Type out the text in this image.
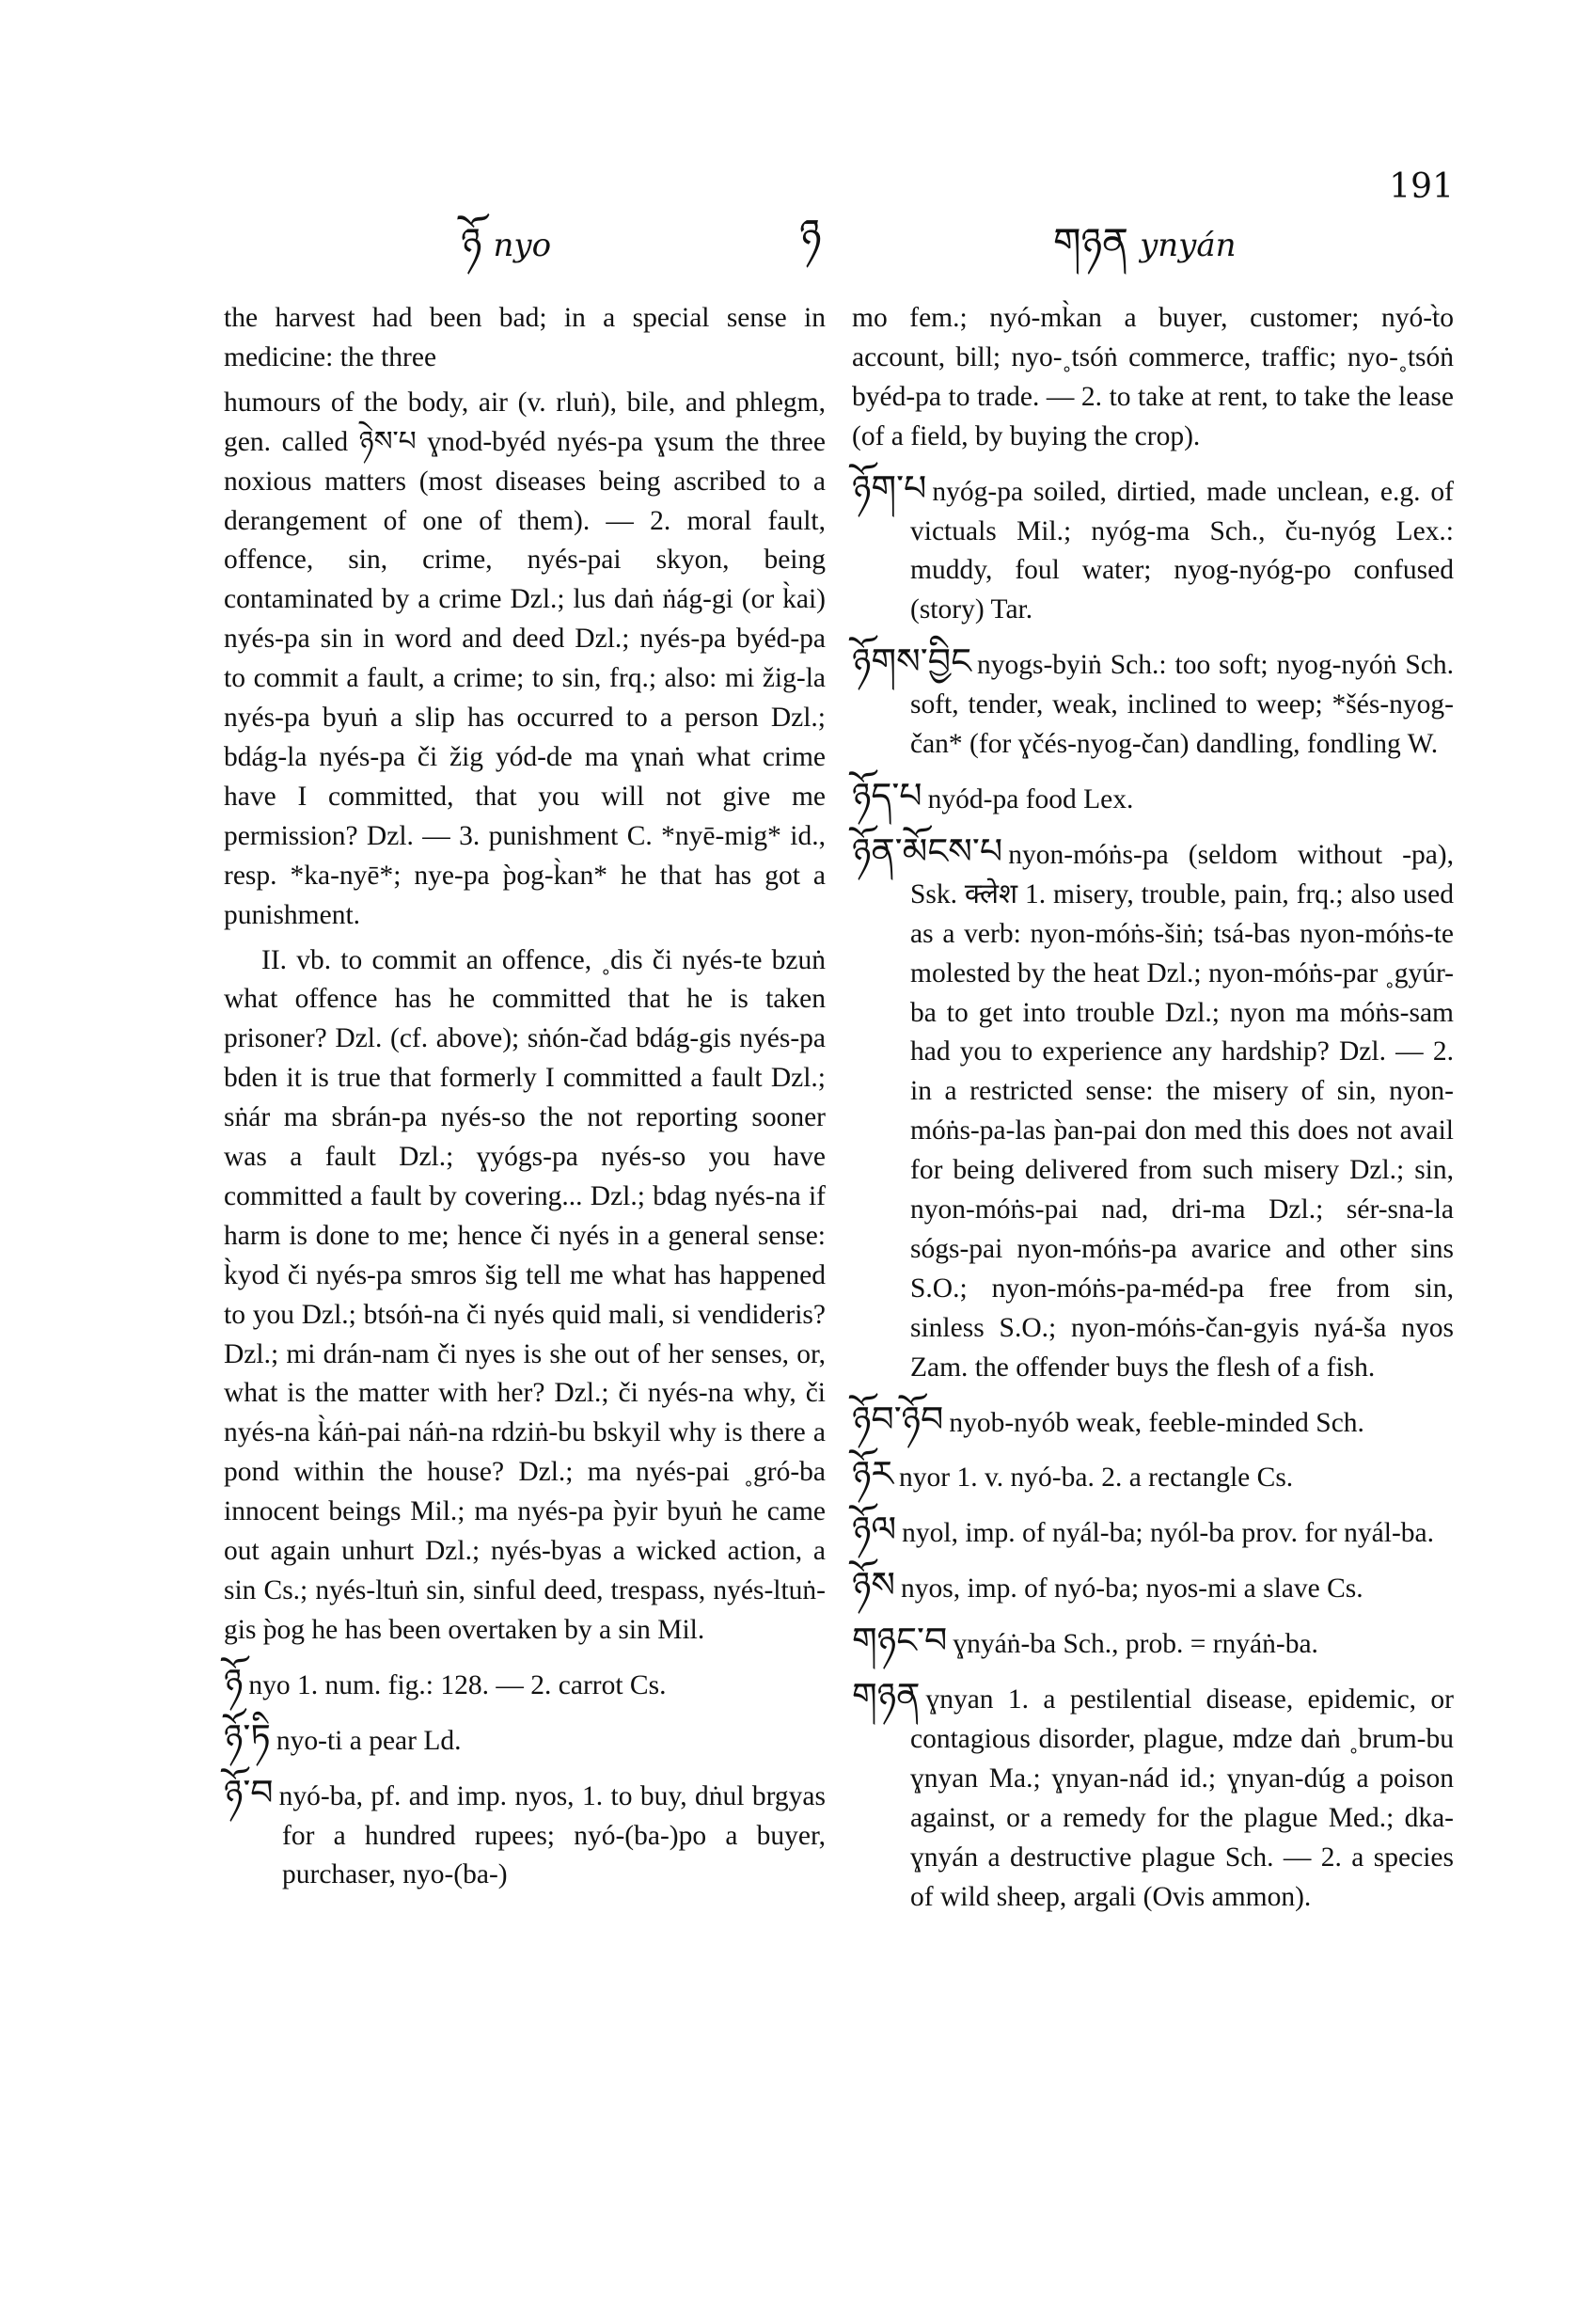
ཉོ nyo	ཉ	གཉན ynyán
191

the harvest had been bad; in a special sense in medicine: the three

humours of the body, air (v. rluṅ), bile, and phlegm, gen. called ཉེས་པ ɣnod-byéd nyés-pa ɣsum the three noxious matters (most diseases being ascribed to a derangement of one of them). — 2. moral fault, offence, sin, crime, nyés-pai skyon, being contaminated by a crime Dzl.; lus daṅ ṅág-gi (or k̀ai) nyés-pa sin in word and deed Dzl.; nyés-pa byéd-pa to commit a fault, a crime; to sin, frq.; also: mi žig-la nyés-pa byuṅ a slip has occurred to a person Dzl.; bdág-la nyés-pa či žig yód-de ma ɣnaṅ what crime have I committed, that you will not give me permission? Dzl. — 3. punishment C. *nyē-mig* id., resp. *ka-nyē*; nye-pa p̀og-k̀an* he that has got a punishment.

II. vb. to commit an offence, ˳dis či nyés-te bzuṅ what offence has he committed that he is taken prisoner? Dzl. (cf. above); sṅón-čad bdág-gis nyés-pa bden it is true that formerly I committed a fault Dzl.; sṅár ma sbrán-pa nyés-so the not reporting sooner was a fault Dzl.; ɣyógs-pa nyés-so you have committed a fault by covering... Dzl.; bdag nyés-na if harm is done to me; hence či nyés in a general sense: k̀yod či nyés-pa smros šig tell me what has happened to you Dzl.; btsóṅ-na či nyés quid mali, si vendideris? Dzl.; mi drán-nam či nyes is she out of her senses, or, what is the matter with her? Dzl.; či nyés-na why, či nyés-na k̀áṅ-pai náṅ-na rdziṅ-bu bskyil why is there a pond within the house? Dzl.; ma nyés-pai ˳gró-ba innocent beings Mil.; ma nyés-pa p̀yir byuṅ he came out again unhurt Dzl.; nyés-byas a wicked action, a sin Cs.; nyés-ltuṅ sin, sinful deed, trespass, nyés-ltuṅ-gis p̀og he has been overtaken by a sin Mil.

ཉོ nyo 1. num. fig.: 128. — 2. carrot Cs.

ཉོ་ཏི nyo-ti a pear Ld.

ཉོ་བ nyó-ba, pf. and imp. nyos, 1. to buy, dṅul brgyas for a hundred rupees; nyó-(ba-)po a buyer, purchaser, nyo-(ba-)

mo fem.; nyó-mk̀an a buyer, customer; nyó-t̀o account, bill; nyo-˳tsóṅ commerce, traffic; nyo-˳tsóṅ byéd-pa to trade. — 2. to take at rent, to take the lease (of a field, by buying the crop).

ཉོག་པ nyóg-pa soiled, dirtied, made unclean, e.g. of victuals Mil.; nyóg-ma Sch., ču-nyóg Lex.: muddy, foul water; nyog-nyóg-po confused (story) Tar.

ཉོགས་བྱིང nyogs-byiṅ Sch.: too soft; nyog-nyóṅ Sch. soft, tender, weak, inclined to weep; *šés-nyog-čan* (for ɣčés-nyog-čan) dandling, fondling W.

ཉོད་པ nyód-pa food Lex.

ཉོན་མོངས་པ nyon-móṅs-pa (seldom without -pa), Ssk. क्लेश 1. misery, trouble, pain, frq.; also used as a verb: nyon-móṅs-šiṅ; tsá-bas nyon-móṅs-te molested by the heat Dzl.; nyon-móṅs-par ˳gyúr-ba to get into trouble Dzl.; nyon ma móṅs-sam had you to experience any hardship? Dzl. — 2. in a restricted sense: the misery of sin, nyon-móṅs-pa-las p̀an-pai don med this does not avail for being delivered from such misery Dzl.; sin, nyon-móṅs-pai nad, dri-ma Dzl.; sér-sna-la sógs-pai nyon-móṅs-pa avarice and other sins S.O.; nyon-móṅs-pa-méd-pa free from sin, sinless S.O.; nyon-móṅs-čan-gyis nyá-ša nyos Zam. the offender buys the flesh of a fish.

ཉོབ་ཉོབ nyob-nyób weak, feeble-minded Sch.

ཉོར nyor 1. v. nyó-ba. 2. a rectangle Cs.

ཉོལ nyol, imp. of nyál-ba; nyól-ba prov. for nyál-ba.

ཉོས nyos, imp. of nyó-ba; nyos-mi a slave Cs.

གཉང་བ ɣnyáṅ-ba Sch., prob. = rnyáṅ-ba.

གཉན ɣnyan 1. a pestilential disease, epidemic, or contagious disorder, plague, mdze daṅ ˳brum-bu ɣnyan Ma.; ɣnyan-nád id.; ɣnyan-dúg a poison against, or a remedy for the plague Med.; dka-ɣnyán a destructive plague Sch. — 2. a species of wild sheep, argali (Ovis ammon).
